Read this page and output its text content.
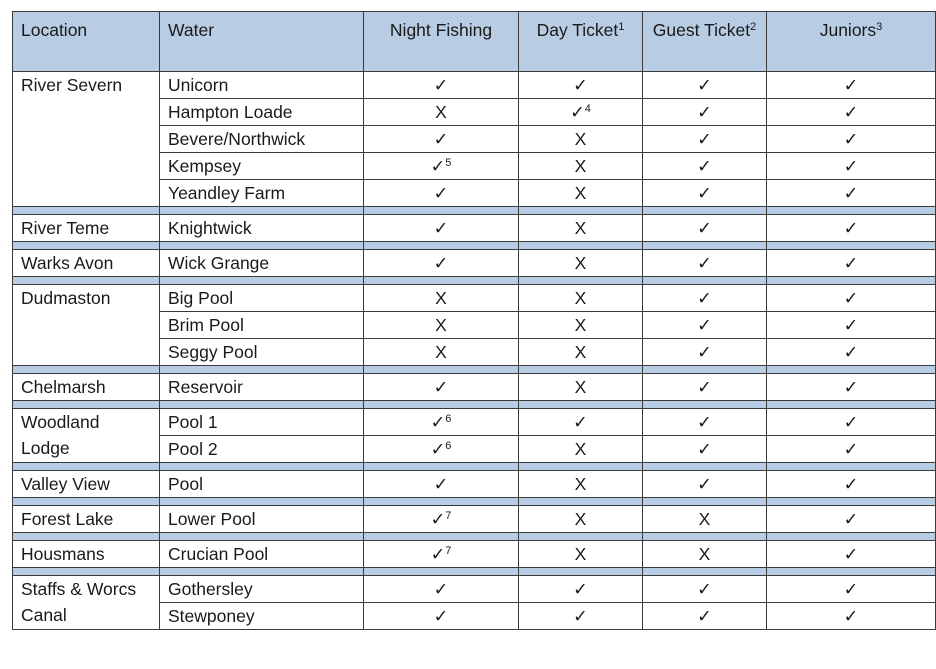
Location	Water	Night Fishing	Day Ticket$^1$	Guest Ticket$^2$	Juniors$^3$
River Severn	Unicorn	✓	✓	✓	✓
	Hampton Loade	X	✓$^4$	✓	✓
	Bevere/Northwick	✓	X	✓	✓
	Kempsey	✓$^5$	X	✓	✓
	Yeandley Farm	✓	X	✓	✓

River Teme	Knightwick	✓	X	✓	✓

Warks Avon	Wick Grange	✓	X	✓	✓

Dudmaston	Big Pool	X	X	✓	✓
	Brim Pool	X	X	✓	✓
	Seggy Pool	X	X	✓	✓

Chelmarsh	Reservoir	✓	X	✓	✓

Woodland Lodge	Pool 1	✓$^6$	✓	✓	✓
	Pool 2	✓$^6$	X	✓	✓

Valley View	Pool	✓	X	✓	✓

Forest Lake	Lower Pool	✓$^7$	X	X	✓

Housmans	Crucian Pool	✓$^7$	X	X	✓

Staffs & Worcs Canal	Gothersley	✓	✓	✓	✓
	Stewponey	✓	✓	✓	✓
